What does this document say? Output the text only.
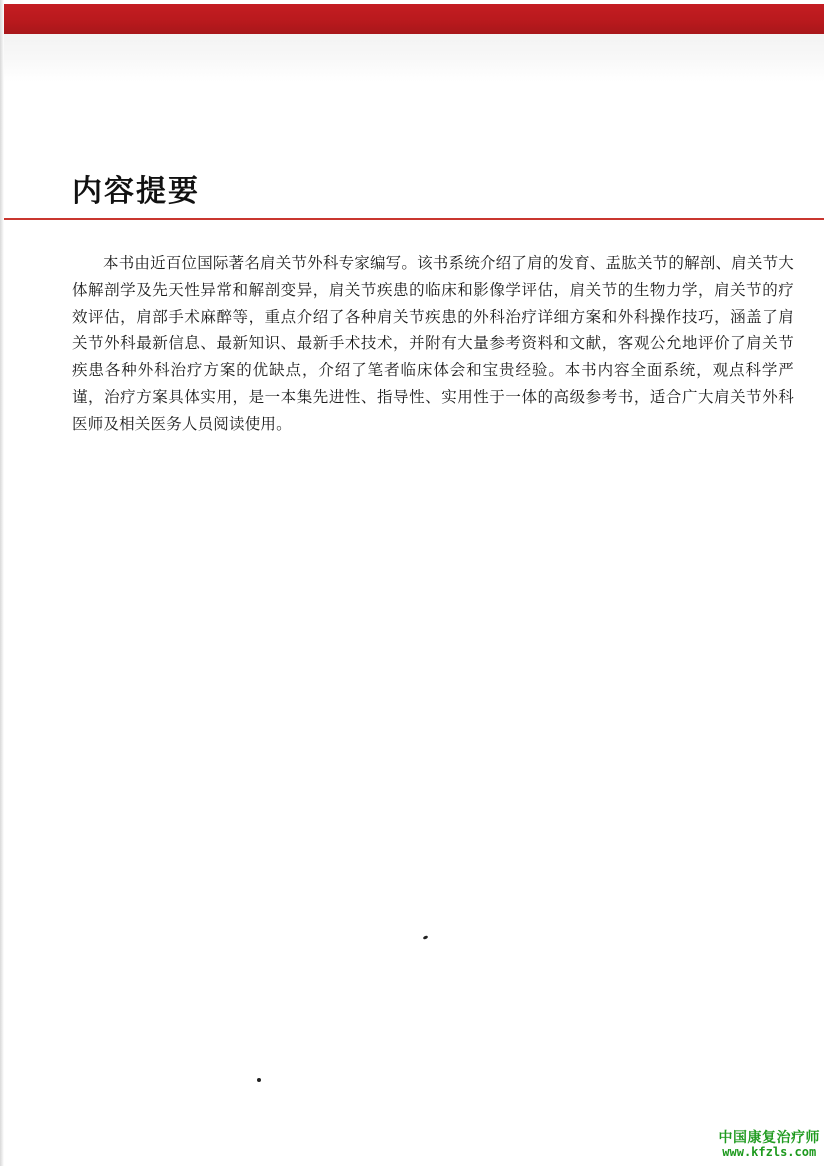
内容提要

本书由近百位国际著名肩关节外科专家编写。该书系统介绍了肩的发育、盂肱关节的解剖、肩关节大体解剖学及先天性异常和解剖变异，肩关节疾患的临床和影像学评估，肩关节的生物力学，肩关节的疗效评估，肩部手术麻醉等，重点介绍了各种肩关节疾患的外科治疗详细方案和外科操作技巧，涵盖了肩关节外科最新信息、最新知识、最新手术技术，并附有大量参考资料和文献，客观公允地评价了肩关节疾患各种外科治疗方案的优缺点，介绍了笔者临床体会和宝贵经验。本书内容全面系统，观点科学严谨，治疗方案具体实用，是一本集先进性、指导性、实用性于一体的高级参考书，适合广大肩关节外科医师及相关医务人员阅读使用。

中国康复治疗师
www.kfzls.com
